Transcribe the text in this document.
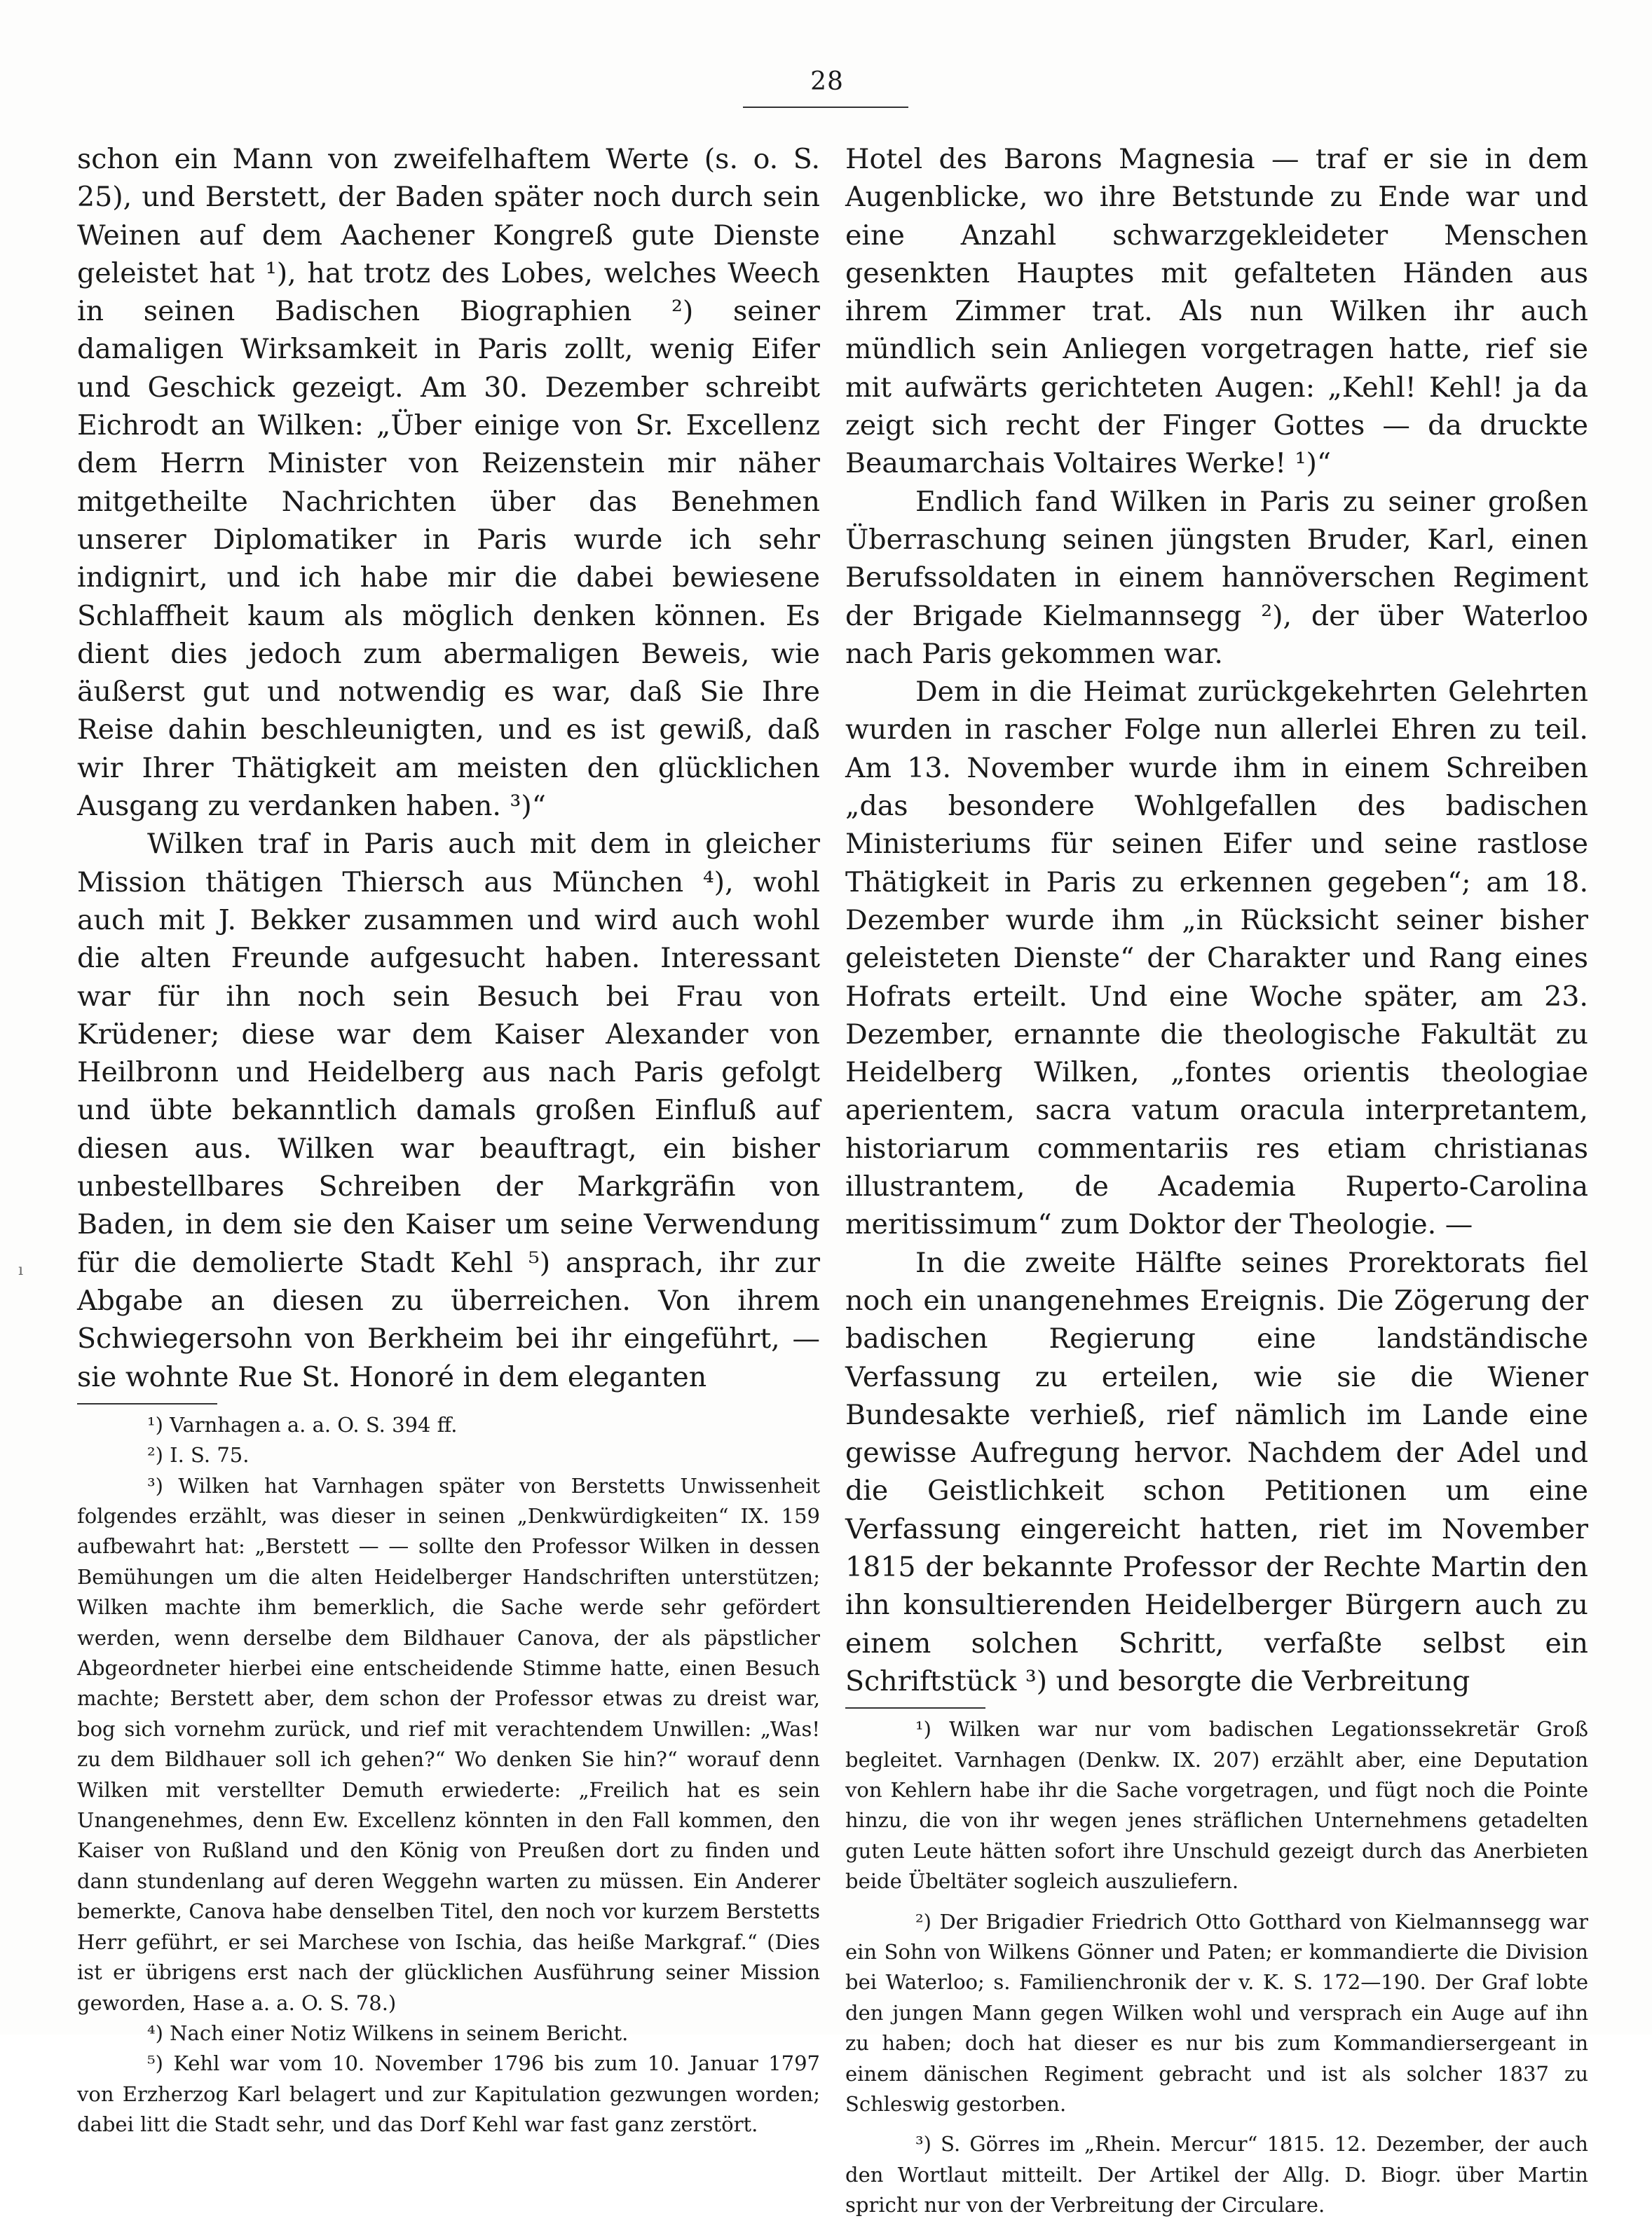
28
ı

schon ein Mann von zweifelhaftem Werte (s. o. S. 25), und Berstett, der Baden später noch durch sein Weinen auf dem Aachener Kongreß gute Dienste geleistet hat ¹), hat trotz des Lobes, welches Weech in seinen Badischen Biographien ²) seiner damaligen Wirksamkeit in Paris zollt, wenig Eifer und Geschick gezeigt. Am 30. Dezember schreibt Eichrodt an Wilken: „Über einige von Sr. Excellenz dem Herrn Minister von Reizenstein mir näher mitgetheilte Nachrichten über das Benehmen unserer Diplomatiker in Paris wurde ich sehr indignirt, und ich habe mir die dabei bewiesene Schlaffheit kaum als möglich denken können. Es dient dies jedoch zum abermaligen Beweis, wie äußerst gut und notwendig es war, daß Sie Ihre Reise dahin beschleunigten, und es ist gewiß, daß wir Ihrer Thätigkeit am meisten den glücklichen Ausgang zu verdanken haben. ³)“

Wilken traf in Paris auch mit dem in gleicher Mission thätigen Thiersch aus München ⁴), wohl auch mit J. Bekker zusammen und wird auch wohl die alten Freunde aufgesucht haben. Interessant war für ihn noch sein Besuch bei Frau von Krüdener; diese war dem Kaiser Alexander von Heilbronn und Heidelberg aus nach Paris gefolgt und übte bekanntlich damals großen Einfluß auf diesen aus. Wilken war beauftragt, ein bisher unbestellbares Schreiben der Markgräfin von Baden, in dem sie den Kaiser um seine Verwendung für die demolierte Stadt Kehl ⁵) ansprach, ihr zur Abgabe an diesen zu überreichen. Von ihrem Schwiegersohn von Berkheim bei ihr eingeführt, — sie wohnte Rue St. Honoré in dem eleganten

¹) Varnhagen a. a. O. S. 394 ff.

²) I. S. 75.

³) Wilken hat Varnhagen später von Berstetts Unwissenheit folgendes erzählt, was dieser in seinen „Denkwürdigkeiten“ IX. 159 aufbewahrt hat: „Berstett — — sollte den Professor Wilken in dessen Bemühungen um die alten Heidelberger Handschriften unterstützen; Wilken machte ihm bemerklich, die Sache werde sehr gefördert werden, wenn derselbe dem Bildhauer Canova, der als päpstlicher Abgeordneter hierbei eine entscheidende Stimme hatte, einen Besuch machte; Berstett aber, dem schon der Professor etwas zu dreist war, bog sich vornehm zurück, und rief mit verachtendem Unwillen: „Was! zu dem Bildhauer soll ich gehen?“ Wo denken Sie hin?“ worauf denn Wilken mit verstellter Demuth erwiederte: „Freilich hat es sein Unangenehmes, denn Ew. Excellenz könnten in den Fall kommen, den Kaiser von Rußland und den König von Preußen dort zu finden und dann stundenlang auf deren Weggehn warten zu müssen. Ein Anderer bemerkte, Canova habe denselben Titel, den noch vor kurzem Berstetts Herr geführt, er sei Marchese von Ischia, das heiße Markgraf.“ (Dies ist er übrigens erst nach der glücklichen Ausführung seiner Mission geworden, Hase a. a. O. S. 78.)

⁴) Nach einer Notiz Wilkens in seinem Bericht.

⁵) Kehl war vom 10. November 1796 bis zum 10. Januar 1797 von Erzherzog Karl belagert und zur Kapitulation gezwungen worden; dabei litt die Stadt sehr, und das Dorf Kehl war fast ganz zerstört.

Hotel des Barons Magnesia — traf er sie in dem Augenblicke, wo ihre Betstunde zu Ende war und eine Anzahl schwarzgekleideter Menschen gesenkten Hauptes mit gefalteten Händen aus ihrem Zimmer trat. Als nun Wilken ihr auch mündlich sein Anliegen vorgetragen hatte, rief sie mit aufwärts gerichteten Augen: „Kehl! Kehl! ja da zeigt sich recht der Finger Gottes — da druckte Beaumarchais Voltaires Werke! ¹)“

Endlich fand Wilken in Paris zu seiner großen Überraschung seinen jüngsten Bruder, Karl, einen Berufssoldaten in einem hannöverschen Regiment der Brigade Kielmannsegg ²), der über Waterloo nach Paris gekommen war.

Dem in die Heimat zurückgekehrten Gelehrten wurden in rascher Folge nun allerlei Ehren zu teil. Am 13. November wurde ihm in einem Schreiben „das besondere Wohlgefallen des badischen Ministeriums für seinen Eifer und seine rastlose Thätigkeit in Paris zu erkennen gegeben“; am 18. Dezember wurde ihm „in Rücksicht seiner bisher geleisteten Dienste“ der Charakter und Rang eines Hofrats erteilt. Und eine Woche später, am 23. Dezember, ernannte die theologische Fakultät zu Heidelberg Wilken, „fontes orientis theologiae aperientem, sacra vatum oracula interpretantem, historiarum commentariis res etiam christianas illustrantem, de Academia Ruperto-Carolina meritissimum“ zum Doktor der Theologie. —

In die zweite Hälfte seines Prorektorats fiel noch ein unangenehmes Ereignis. Die Zögerung der badischen Regierung eine landständische Verfassung zu erteilen, wie sie die Wiener Bundesakte verhieß, rief nämlich im Lande eine gewisse Aufregung hervor. Nachdem der Adel und die Geistlichkeit schon Petitionen um eine Verfassung eingereicht hatten, riet im November 1815 der bekannte Professor der Rechte Martin den ihn konsultierenden Heidelberger Bürgern auch zu einem solchen Schritt, verfaßte selbst ein Schriftstück ³) und besorgte die Verbreitung

¹) Wilken war nur vom badischen Legationssekretär Groß begleitet. Varnhagen (Denkw. IX. 207) erzählt aber, eine Deputation von Kehlern habe ihr die Sache vorgetragen, und fügt noch die Pointe hinzu, die von ihr wegen jenes sträflichen Unternehmens getadelten guten Leute hätten sofort ihre Unschuld gezeigt durch das Anerbieten beide Übeltäter sogleich auszuliefern.

²) Der Brigadier Friedrich Otto Gotthard von Kielmannsegg war ein Sohn von Wilkens Gönner und Paten; er kommandierte die Division bei Waterloo; s. Familienchronik der v. K. S. 172—190. Der Graf lobte den jungen Mann gegen Wilken wohl und versprach ein Auge auf ihn zu haben; doch hat dieser es nur bis zum Kommandiersergeant in einem dänischen Regiment gebracht und ist als solcher 1837 zu Schleswig gestorben.

³) S. Görres im „Rhein. Mercur“ 1815. 12. Dezember, der auch den Wortlaut mitteilt. Der Artikel der Allg. D. Biogr. über Martin spricht nur von der Verbreitung der Circulare.
